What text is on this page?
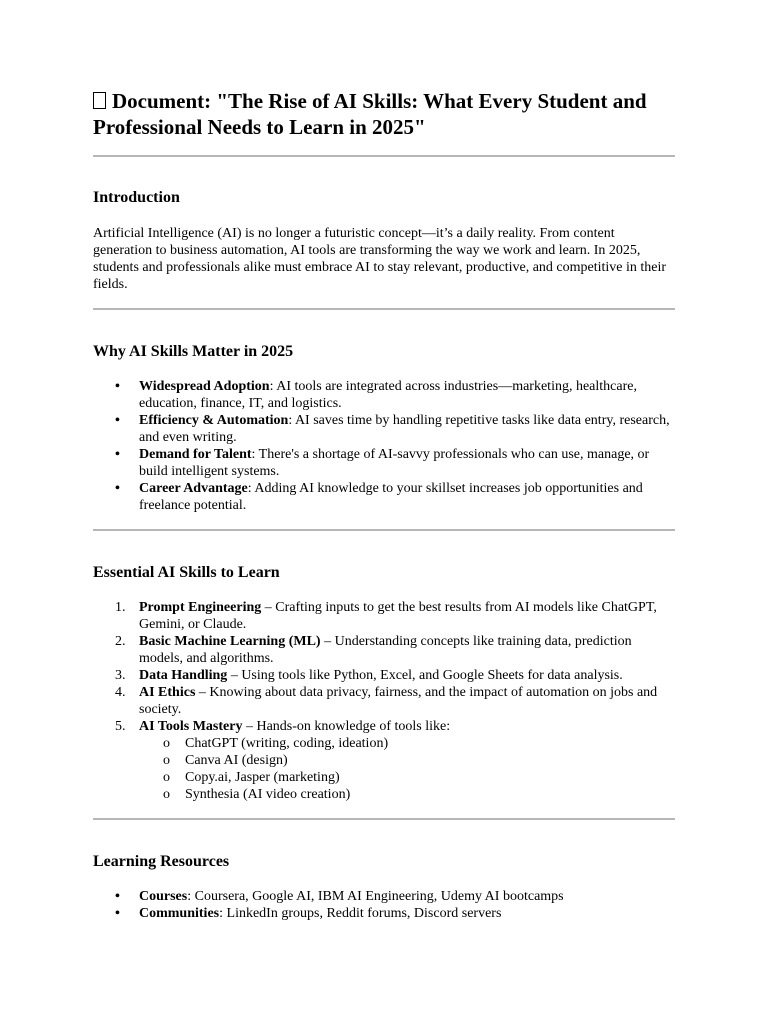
Document: "The Rise of AI Skills: What Every Student and Professional Needs to Learn in 2025"
Introduction

Artificial Intelligence (AI) is no longer a futuristic concept—it’s a daily reality. From content generation to business automation, AI tools are transforming the way we work and learn. In 2025, students and professionals alike must embrace AI to stay relevant, productive, and competitive in their fields.

Why AI Skills Matter in 2025
• Widespread Adoption: AI tools are integrated across industries—marketing, healthcare, education, finance, IT, and logistics.
• Efficiency & Automation: AI saves time by handling repetitive tasks like data entry, research, and even writing.
• Demand for Talent: There's a shortage of AI-savvy professionals who can use, manage, or build intelligent systems.
• Career Advantage: Adding AI knowledge to your skillset increases job opportunities and freelance potential.
Essential AI Skills to Learn
1. Prompt Engineering – Crafting inputs to get the best results from AI models like ChatGPT, Gemini, or Claude.
2. Basic Machine Learning (ML) – Understanding concepts like training data, prediction models, and algorithms.
3. Data Handling – Using tools like Python, Excel, and Google Sheets for data analysis.
4. AI Ethics – Knowing about data privacy, fairness, and the impact of automation on jobs and society.
5. AI Tools Mastery – Hands-on knowledge of tools like:
o ChatGPT (writing, coding, ideation)
o Canva AI (design)
o Copy.ai, Jasper (marketing)
o Synthesia (AI video creation)
Learning Resources
• Courses: Coursera, Google AI, IBM AI Engineering, Udemy AI bootcamps
• Communities: LinkedIn groups, Reddit forums, Discord servers
